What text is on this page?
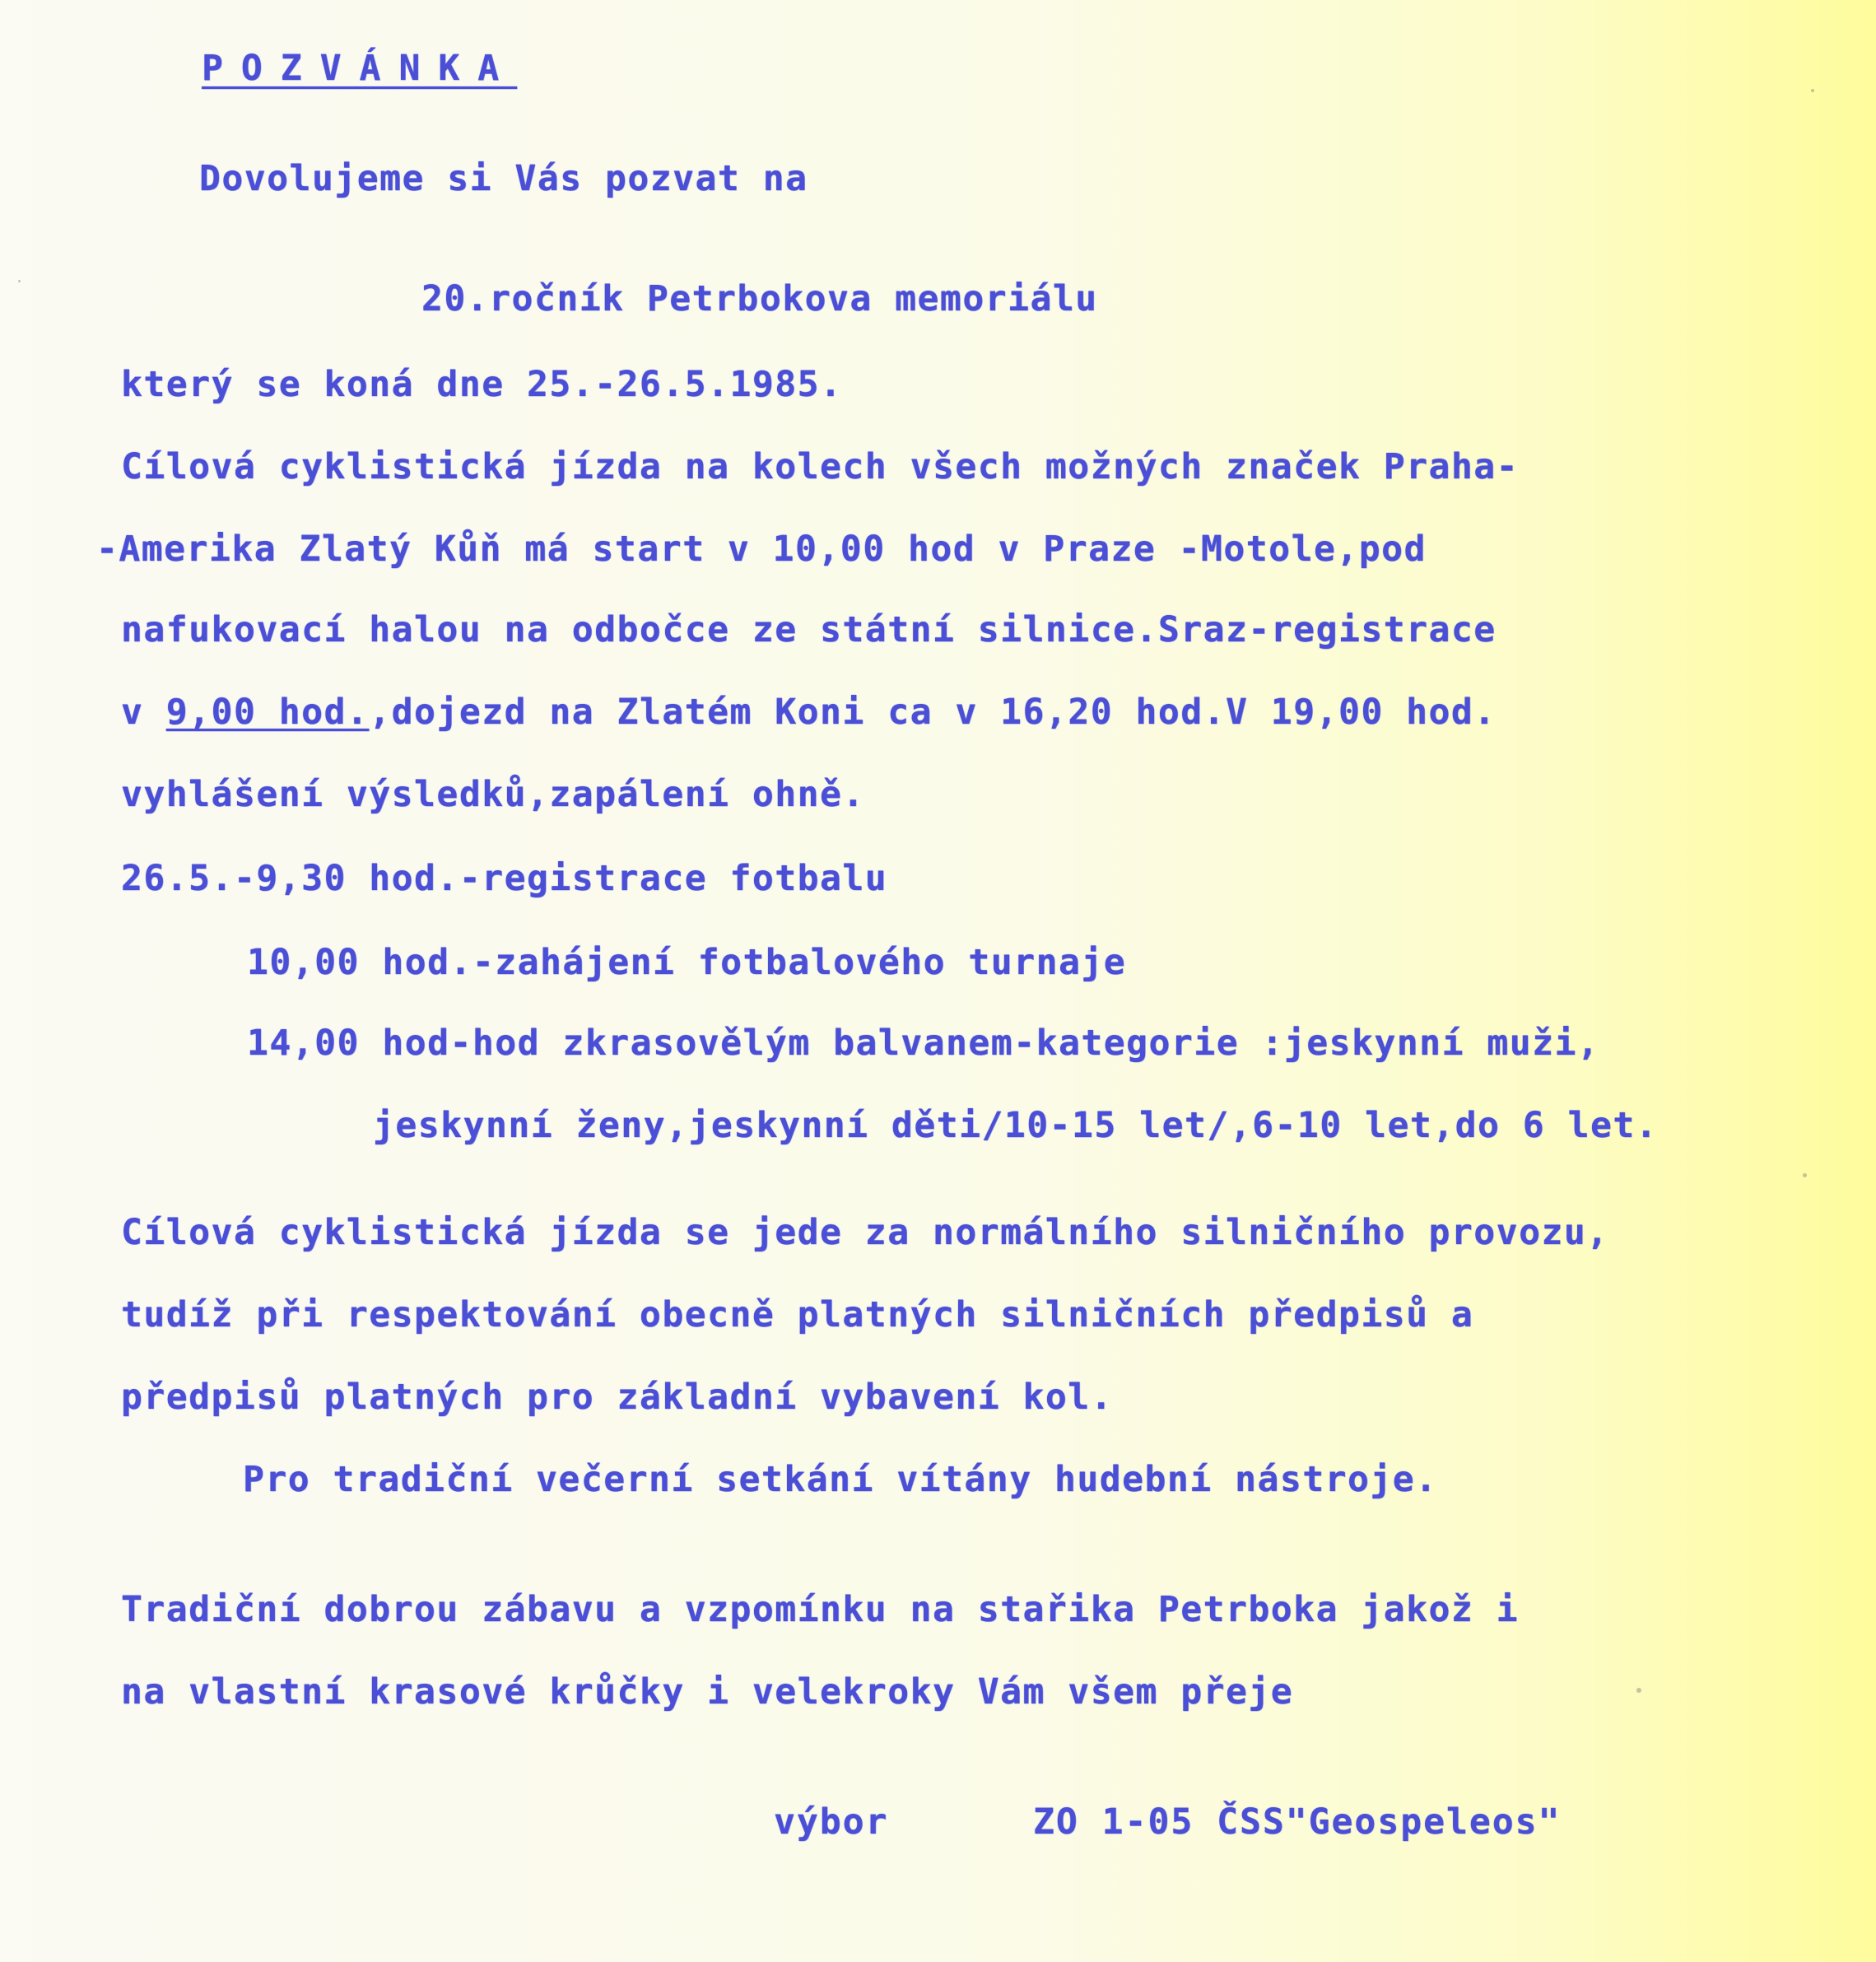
POZVÁNKA
Dovolujeme si Vás pozvat na
20.ročník Petrbokova memoriálu
který se koná dne 25.-26.5.1985.
Cílová cyklistická jízda na kolech všech možných značek Praha-
-Amerika Zlatý Kůň má start v 10,00 hod v Praze -Motole,pod
nafukovací halou na odbočce ze státní silnice.Sraz-registrace
v 9,00 hod.,dojezd na Zlatém Koni ca v 16,20 hod.V 19,00 hod.
vyhlášení výsledků,zapálení ohně.
26.5.-9,30 hod.-registrace fotbalu
10,00 hod.-zahájení fotbalového turnaje
14,00 hod-hod zkrasovělým balvanem-kategorie :jeskynní muži,
jeskynní ženy,jeskynní děti/10-15 let/,6-10 let,do 6 let.
Cílová cyklistická jízda se jede za normálního silničního provozu,
tudíž při respektování obecně platných silničních předpisů a
předpisů platných pro základní vybavení kol.
Pro tradiční večerní setkání vítány hudební nástroje.
Tradiční dobrou zábavu a vzpomínku na stařika Petrboka jakož i
na vlastní krasové krůčky i velekroky Vám všem přeje
výbor	ZO 1-05 ČSS"Geospeleos"
